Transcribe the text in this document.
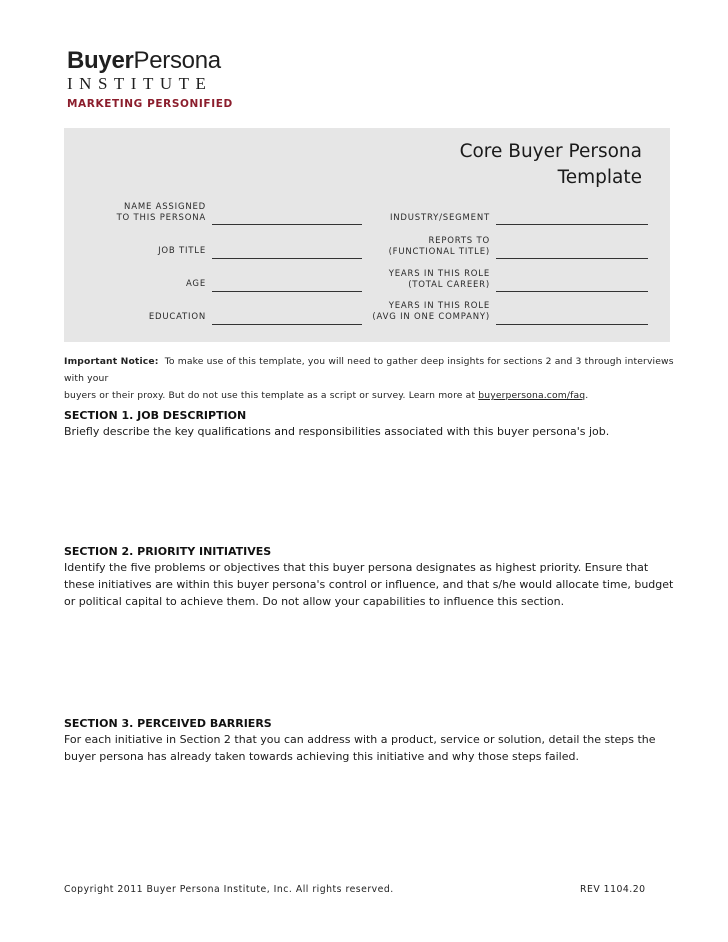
BuyerPersona
INSTITUTE
MARKETING PERSONIFIED
Core Buyer Persona
Template
NAME ASSIGNED
TO THIS PERSONA
JOB TITLE
AGE
EDUCATION
INDUSTRY/SEGMENT
REPORTS TO
(FUNCTIONAL TITLE)
YEARS IN THIS ROLE
(TOTAL CAREER)
YEARS IN THIS ROLE
(AVG IN ONE COMPANY)
Important Notice: To make use of this template, you will need to gather deep insights for sections 2 and 3 through interviews with your
buyers or their proxy. But do not use this template as a script or survey. Learn more at buyerpersona.com/faq.
SECTION 1. JOB DESCRIPTION
Briefly describe the key qualifications and responsibilities associated with this buyer persona's job.
SECTION 2. PRIORITY INITIATIVES
Identify the five problems or objectives that this buyer persona designates as highest priority. Ensure that
these initiatives are within this buyer persona's control or influence, and that s/he would allocate time, budget
or political capital to achieve them. Do not allow your capabilities to influence this section.
SECTION 3. PERCEIVED BARRIERS
For each initiative in Section 2 that you can address with a product, service or solution, detail the steps the
buyer persona has already taken towards achieving this initiative and why those steps failed.
Copyright 2011 Buyer Persona Institute, Inc. All rights reserved.	REV 1104.20
